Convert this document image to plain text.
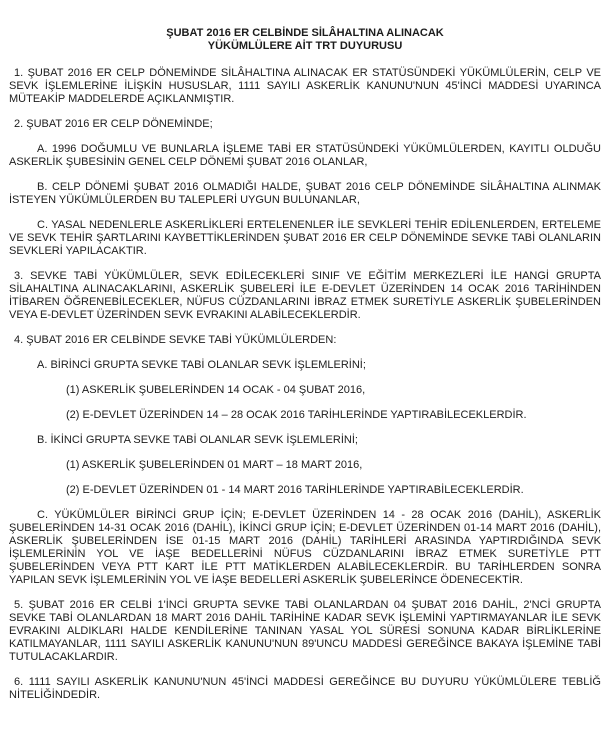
ŞUBAT 2016 ER CELBİNDE SİLÂHALTINA ALINACAK
YÜKÜMLÜLERE AİT TRT DUYURUSU

1. ŞUBAT 2016 ER CELP DÖNEMİNDE SİLÂHALTINA ALINACAK ER STATÜSÜNDEKİ YÜKÜMLÜLERİN, CELP VE SEVK İŞLEMLERİNE İLİŞKİN HUSUSLAR, 1111 SAYILI ASKERLİK KANUNU'NUN 45'İNCİ MADDESİ UYARINCA MÜTEAKİP MADDELERDE AÇIKLANMIŞTIR.

2. ŞUBAT 2016 ER CELP DÖNEMİNDE;

A. 1996 DOĞUMLU VE BUNLARLA İŞLEME TABİ ER STATÜSÜNDEKİ YÜKÜMLÜLERDEN, KAYITLI OLDUĞU ASKERLİK ŞUBESİNİN GENEL CELP DÖNEMİ ŞUBAT 2016 OLANLAR,

B. CELP DÖNEMİ ŞUBAT 2016 OLMADIĞI HALDE, ŞUBAT 2016 CELP DÖNEMİNDE SİLÂHALTINA ALINMAK İSTEYEN YÜKÜMLÜLERDEN BU TALEPLERİ UYGUN BULUNANLAR,

C. YASAL NEDENLERLE ASKERLİKLERİ ERTELENENLER İLE SEVKLERİ TEHİR EDİLENLERDEN, ERTELEME VE SEVK TEHİR ŞARTLARINI KAYBETTİKLERİNDEN ŞUBAT 2016 ER CELP DÖNEMİNDE SEVKE TABİ OLANLARIN SEVKLERİ YAPILACAKTIR.

3. SEVKE TABİ YÜKÜMLÜLER, SEVK EDİLECEKLERİ SINIF VE EĞİTİM MERKEZLERİ İLE HANGİ GRUPTA SİLAHALTINA ALINACAKLARINI, ASKERLİK ŞUBELERİ İLE E-DEVLET ÜZERİNDEN 14 OCAK 2016 TARİHİNDEN İTİBAREN ÖĞRENEBİLECEKLER, NÜFUS CÜZDANLARINI İBRAZ ETMEK SURETİYLE ASKERLİK ŞUBELERİNDEN VEYA E-DEVLET ÜZERİNDEN SEVK EVRAKINI ALABİLECEKLERDİR.

4. ŞUBAT 2016 ER CELBİNDE SEVKE TABİ YÜKÜMLÜLERDEN:

A. BİRİNCİ GRUPTA SEVKE TABİ OLANLAR SEVK İŞLEMLERİNİ;

(1) ASKERLİK ŞUBELERİNDEN 14 OCAK - 04 ŞUBAT 2016,

(2) E-DEVLET ÜZERİNDEN 14 – 28 OCAK 2016 TARİHLERİNDE YAPTIRABİLECEKLERDİR.

B. İKİNCİ GRUPTA SEVKE TABİ OLANLAR SEVK İŞLEMLERİNİ;

(1) ASKERLİK ŞUBELERİNDEN 01 MART – 18 MART 2016,

(2) E-DEVLET ÜZERİNDEN 01 - 14 MART 2016 TARİHLERİNDE YAPTIRABİLECEKLERDİR.

C. YÜKÜMLÜLER BİRİNCİ GRUP İÇİN; E-DEVLET ÜZERİNDEN 14 - 28 OCAK 2016 (DAHİL), ASKERLİK ŞUBELERİNDEN 14-31 OCAK 2016 (DAHİL), İKİNCİ GRUP İÇİN; E-DEVLET ÜZERİNDEN 01-14 MART 2016 (DAHİL), ASKERLİK ŞUBELERİNDEN İSE 01-15 MART 2016 (DAHİL) TARİHLERİ ARASINDA YAPTIRDIĞINDA SEVK İŞLEMLERİNİN YOL VE İAŞE BEDELLERİNİ NÜFUS CÜZDANLARINI İBRAZ ETMEK SURETİYLE PTT ŞUBELERİNDEN VEYA PTT KART İLE PTT MATİKLERDEN ALABİLECEKLERDİR. BU TARİHLERDEN SONRA YAPILAN SEVK İŞLEMLERİNİN YOL VE İAŞE BEDELLERİ ASKERLİK ŞUBELERİNCE ÖDENECEKTİR.

5. ŞUBAT 2016 ER CELBİ 1'İNCİ GRUPTA SEVKE TABİ OLANLARDAN 04 ŞUBAT 2016 DAHİL, 2'NCİ GRUPTA SEVKE TABİ OLANLARDAN 18 MART 2016 DAHİL TARİHİNE KADAR SEVK İŞLEMİNİ YAPTIRMAYANLAR İLE SEVK EVRAKINI ALDIKLARI HALDE KENDİLERİNE TANINAN YASAL YOL SÜRESİ SONUNA KADAR BİRLİKLERİNE KATILMAYANLAR, 1111 SAYILI ASKERLİK KANUNU'NUN 89'UNCU MADDESİ GEREĞİNCE BAKAYA İŞLEMİNE TABİ TUTULACAKLARDIR.

6. 1111 SAYILI ASKERLİK KANUNU'NUN 45'İNCİ MADDESİ GEREĞİNCE BU DUYURU YÜKÜMLÜLERE TEBLİĞ NİTELİĞİNDEDİR.
